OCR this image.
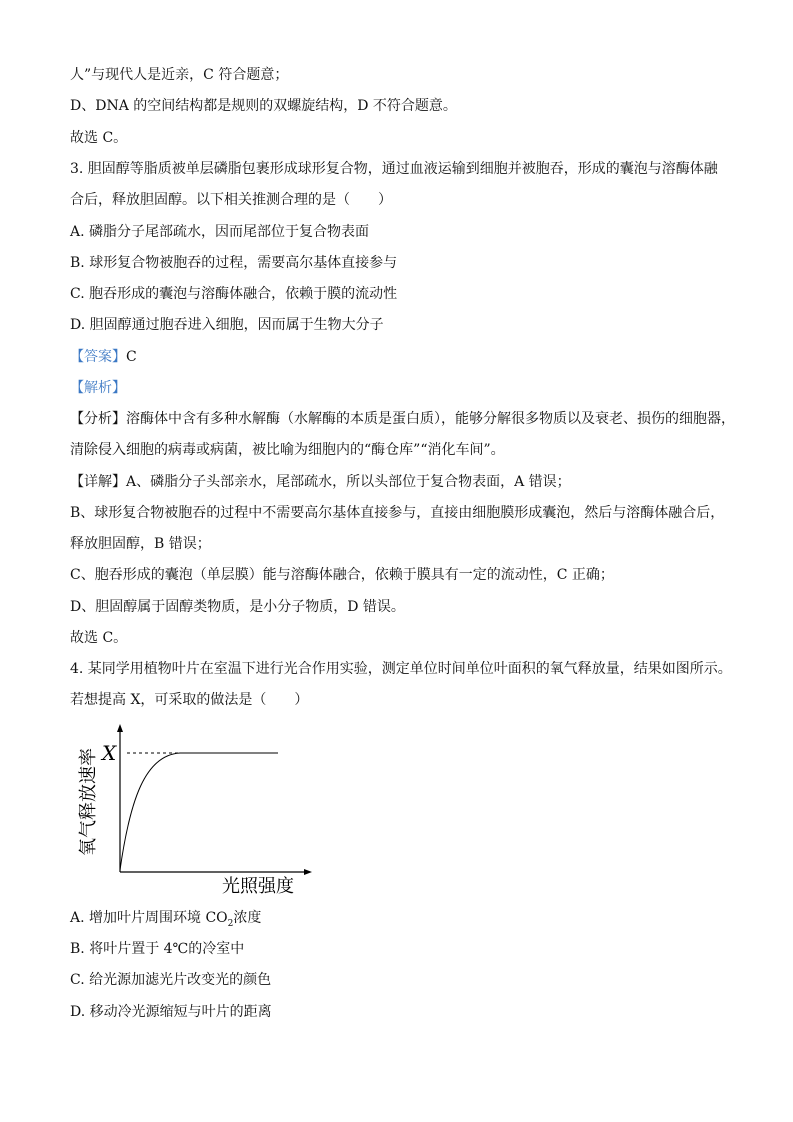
人”与现代人是近亲，C 符合题意；
D、DNA 的空间结构都是规则的双螺旋结构，D 不符合题意。
故选 C。
3. 胆固醇等脂质被单层磷脂包裹形成球形复合物，通过血液运输到细胞并被胞吞，形成的囊泡与溶酶体融
合后，释放胆固醇。以下相关推测合理的是（　　）
A. 磷脂分子尾部疏水，因而尾部位于复合物表面
B. 球形复合物被胞吞的过程，需要高尔基体直接参与
C. 胞吞形成的囊泡与溶酶体融合，依赖于膜的流动性
D. 胆固醇通过胞吞进入细胞，因而属于生物大分子
【答案】C
【解析】
【分析】溶酶体中含有多种水解酶（水解酶的本质是蛋白质），能够分解很多物质以及衰老、损伤的细胞器，
清除侵入细胞的病毒或病菌，被比喻为细胞内的“酶仓库”“消化车间”。
【详解】A、磷脂分子头部亲水，尾部疏水，所以头部位于复合物表面，A 错误；
B、球形复合物被胞吞的过程中不需要高尔基体直接参与，直接由细胞膜形成囊泡，然后与溶酶体融合后，
释放胆固醇，B 错误；
C、胞吞形成的囊泡（单层膜）能与溶酶体融合，依赖于膜具有一定的流动性，C 正确；
D、胆固醇属于固醇类物质，是小分子物质，D 错误。
故选 C。
4. 某同学用植物叶片在室温下进行光合作用实验，测定单位时间单位叶面积的氧气释放量，结果如图所示。
若想提高 X，可采取的做法是（　　）
X
光照强度
氧气释放速率
A. 增加叶片周围环境 $CO_2$浓度
B. 将叶片置于 4℃的冷室中
C. 给光源加滤光片改变光的颜色
D. 移动冷光源缩短与叶片的距离
